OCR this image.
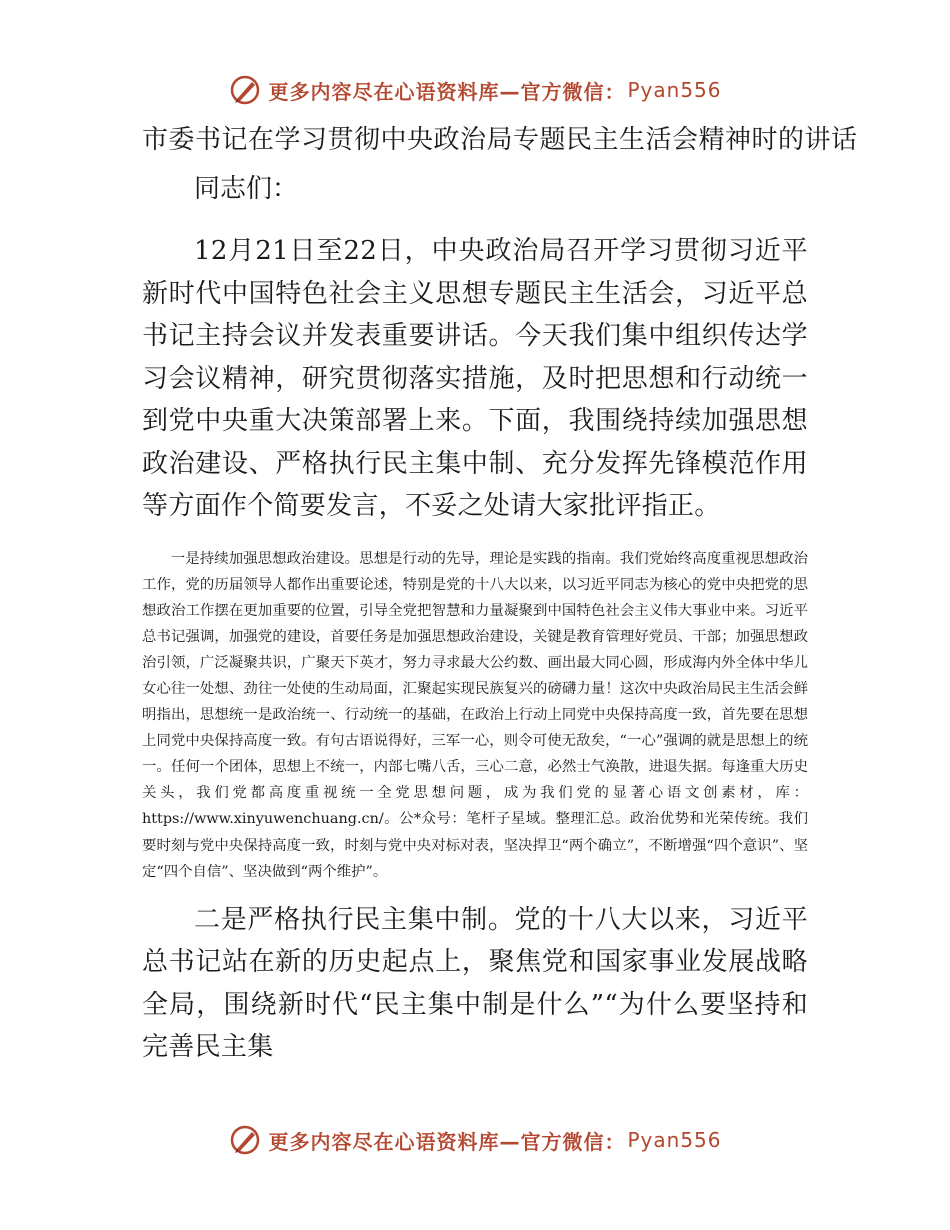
更多内容尽在心语资料库—官方微信： Pyan556

市委书记在学习贯彻中央政治局专题民主生活会精神时的讲话

同志们：

12月21日至22日，中央政治局召开学习贯彻习近平新时代中国特色社会主义思想专题民主生活会，习近平总书记主持会议并发表重要讲话。今天我们集中组织传达学习会议精神，研究贯彻落实措施，及时把思想和行动统一到党中央重大决策部署上来。下面，我围绕持续加强思想政治建设、严格执行民主集中制、充分发挥先锋模范作用等方面作个简要发言，不妥之处请大家批评指正。

一是持续加强思想政治建设。思想是行动的先导，理论是实践的指南。我们党始终高度重视思想政治工作，党的历届领导人都作出重要论述，特别是党的十八大以来，以习近平同志为核心的党中央把党的思想政治工作摆在更加重要的位置，引导全党把智慧和力量凝聚到中国特色社会主义伟大事业中来。习近平总书记强调，加强党的建设，首要任务是加强思想政治建设，关键是教育管理好党员、干部；加强思想政治引领，广泛凝聚共识，广聚天下英才，努力寻求最大公约数、画出最大同心圆，形成海内外全体中华儿女心往一处想、劲往一处使的生动局面，汇聚起实现民族复兴的磅礴力量！这次中央政治局民主生活会鲜明指出，思想统一是政治统一、行动统一的基础，在政治上行动上同党中央保持高度一致，首先要在思想上同党中央保持高度一致。有句古语说得好，三军一心，则令可使无敌矣，“一心”强调的就是思想上的统一。任何一个团体，思想上不统一，内部七嘴八舌，三心二意，必然士气涣散，进退失据。每逢重大历史关头，我们党都高度重视统一全党思想问题，成为我们党的显著心语文创素材，库：https://www.xinyuwenchuang.cn/。公*众号：笔杆子星域。整理汇总。政治优势和光荣传统。我们要时刻与党中央保持高度一致，时刻与党中央对标对表，坚决捍卫“两个确立”，不断增强“四个意识”、坚定“四个自信”、坚决做到“两个维护”。

二是严格执行民主集中制。党的十八大以来，习近平总书记站在新的历史起点上，聚焦党和国家事业发展战略全局，围绕新时代“民主集中制是什么”“为什么要坚持和完善民主集

更多内容尽在心语资料库—官方微信： Pyan556
